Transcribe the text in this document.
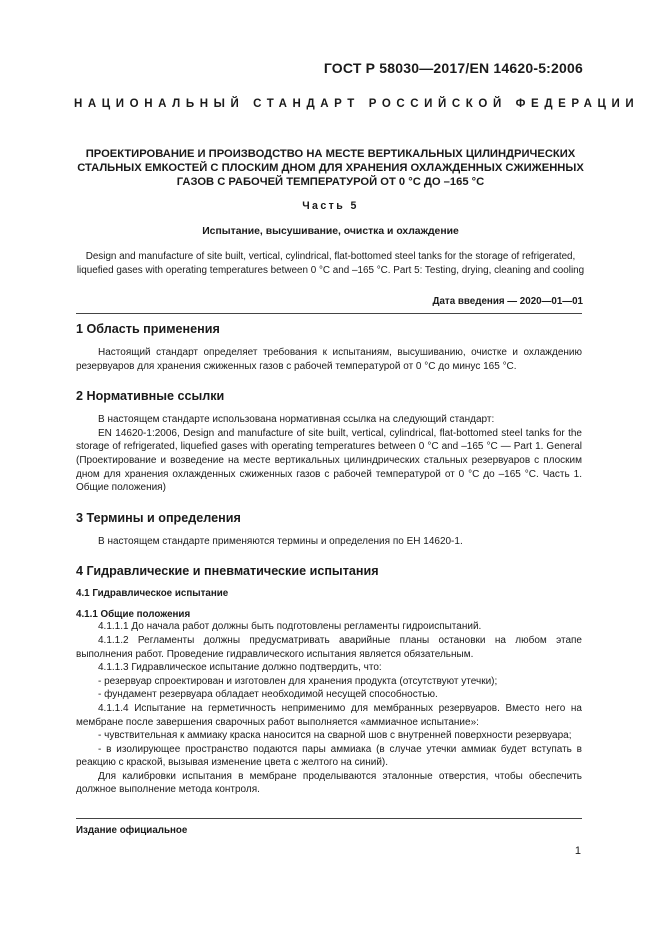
ГОСТ Р 58030—2017/EN 14620-5:2006
НАЦИОНАЛЬНЫЙ СТАНДАРТ РОССИЙСКОЙ ФЕДЕРАЦИИ
ПРОЕКТИРОВАНИЕ И ПРОИЗВОДСТВО НА МЕСТЕ ВЕРТИКАЛЬНЫХ ЦИЛИНДРИЧЕСКИХ
СТАЛЬНЫХ ЕМКОСТЕЙ С ПЛОСКИМ ДНОМ ДЛЯ ХРАНЕНИЯ ОХЛАЖДЕННЫХ СЖИЖЕННЫХ
ГАЗОВ С РАБОЧЕЙ ТЕМПЕРАТУРОЙ ОТ 0 °С ДО –165 °С
Часть 5
Испытание, высушивание, очистка и охлаждение
Design and manufacture of site built, vertical, cylindrical, flat-bottomed steel tanks for the storage of refrigerated,
liquefied gases with operating temperatures between 0 °C and –165 °C. Part 5: Testing, drying, cleaning and cooling
Дата введения — 2020—01—01
1 Область применения

Настоящий стандарт определяет требования к испытаниям, высушиванию, очистке и охлаждению резервуаров для хранения сжиженных газов с рабочей температурой от 0 °С до минус 165 °С.

2 Нормативные ссылки

В настоящем стандарте использована нормативная ссылка на следующий стандарт:

EN 14620-1:2006, Design and manufacture of site built, vertical, cylindrical, flat-bottomed steel tanks for the storage of refrigerated, liquefied gases with operating temperatures between 0 °C and –165 °C — Part 1. General (Проектирование и возведение на месте вертикальных цилиндрических стальных резервуаров с плоским дном для хранения охлажденных сжиженных газов с рабочей температурой от 0 °С до –165 °С. Часть 1. Общие положения)

3 Термины и определения

В настоящем стандарте применяются термины и определения по ЕН 14620-1.

4 Гидравлические и пневматические испытания

4.1 Гидравлическое испытание

4.1.1 Общие положения

4.1.1.1 До начала работ должны быть подготовлены регламенты гидроиспытаний.

4.1.1.2 Регламенты должны предусматривать аварийные планы остановки на любом этапе выполнения работ. Проведение гидравлического испытания является обязательным.

4.1.1.3 Гидравлическое испытание должно подтвердить, что:

- резервуар спроектирован и изготовлен для хранения продукта (отсутствуют утечки);

- фундамент резервуара обладает необходимой несущей способностью.

4.1.1.4 Испытание на герметичность неприменимо для мембранных резервуаров. Вместо него на мембране после завершения сварочных работ выполняется «аммиачное испытание»:

- чувствительная к аммиаку краска наносится на сварной шов с внутренней поверхности резервуара;

- в изолирующее пространство подаются пары аммиака (в случае утечки аммиак будет вступать в реакцию с краской, вызывая изменение цвета с желтого на синий).

Для калибровки испытания в мембране проделываются эталонные отверстия, чтобы обеспечить должное выполнение метода контроля.

Издание официальное
1
